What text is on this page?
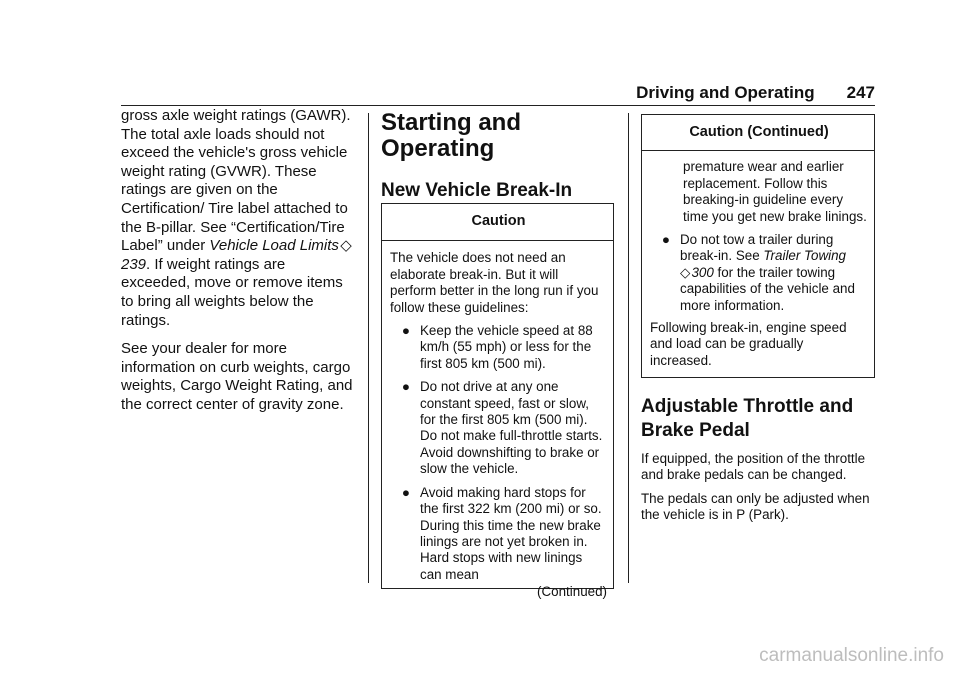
Driving and Operating 247

gross axle weight ratings (GAWR). The total axle loads should not exceed the vehicle's gross vehicle weight rating (GVWR). These ratings are given on the Certification/ Tire label attached to the B-pillar. See “Certification/Tire Label” under Vehicle Load Limits ◇ 239. If weight ratings are exceeded, move or remove items to bring all weights below the ratings.

See your dealer for more information on curb weights, cargo weights, Cargo Weight Rating, and the correct center of gravity zone.

Starting and Operating
New Vehicle Break-In
Caution
The vehicle does not need an elaborate break-in. But it will perform better in the long run if you follow these guidelines:
● Keep the vehicle speed at 88 km/h (55 mph) or less for the first 805 km (500 mi).
● Do not drive at any one constant speed, fast or slow, for the first 805 km (500 mi). Do not make full-throttle starts. Avoid downshifting to brake or slow the vehicle.
● Avoid making hard stops for the first 322 km (200 mi) or so. During this time the new brake linings are not yet broken in. Hard stops with new linings can mean
(Continued)
Caution (Continued)
premature wear and earlier replacement. Follow this breaking-in guideline every time you get new brake linings.
● Do not tow a trailer during break-in. See Trailer Towing
◇ 300 for the trailer towing capabilities of the vehicle and more information.
Following break-in, engine speed and load can be gradually increased.
Adjustable Throttle and Brake Pedal

If equipped, the position of the throttle and brake pedals can be changed.

The pedals can only be adjusted when the vehicle is in P (Park).

carmanualsonline.info
